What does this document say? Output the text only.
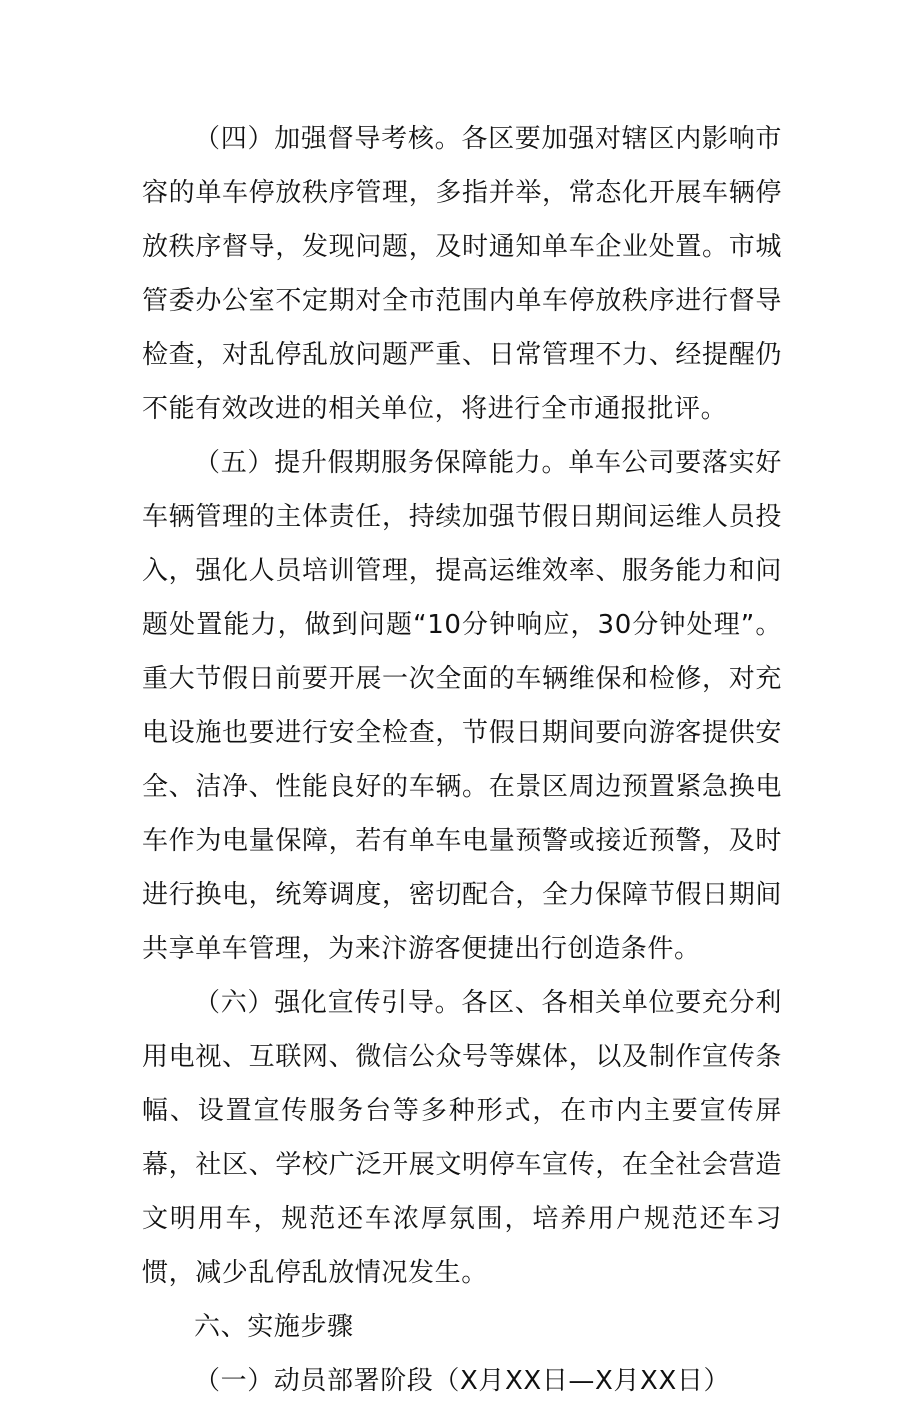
（四）加强督导考核。各区要加强对辖区内影响市容的单车停放秩序管理，多指并举，常态化开展车辆停放秩序督导，发现问题，及时通知单车企业处置。市城管委办公室不定期对全市范围内单车停放秩序进行督导检查，对乱停乱放问题严重、日常管理不力、经提醒仍不能有效改进的相关单位，将进行全市通报批评。

（五）提升假期服务保障能力。单车公司要落实好车辆管理的主体责任，持续加强节假日期间运维人员投入，强化人员培训管理，提高运维效率、服务能力和问题处置能力，做到问题“10分钟响应，30分钟处理”。重大节假日前要开展一次全面的车辆维保和检修，对充电设施也要进行安全检查，节假日期间要向游客提供安全、洁净、性能良好的车辆。在景区周边预置紧急换电车作为电量保障，若有单车电量预警或接近预警，及时进行换电，统筹调度，密切配合，全力保障节假日期间共享单车管理，为来汴游客便捷出行创造条件。

（六）强化宣传引导。各区、各相关单位要充分利用电视、互联网、微信公众号等媒体，以及制作宣传条幅、设置宣传服务台等多种形式，在市内主要宣传屏幕，社区、学校广泛开展文明停车宣传，在全社会营造文明用车，规范还车浓厚氛围，培养用户规范还车习惯，减少乱停乱放情况发生。

六、实施步骤

（一）动员部署阶段（X月XX日—X月XX日）
